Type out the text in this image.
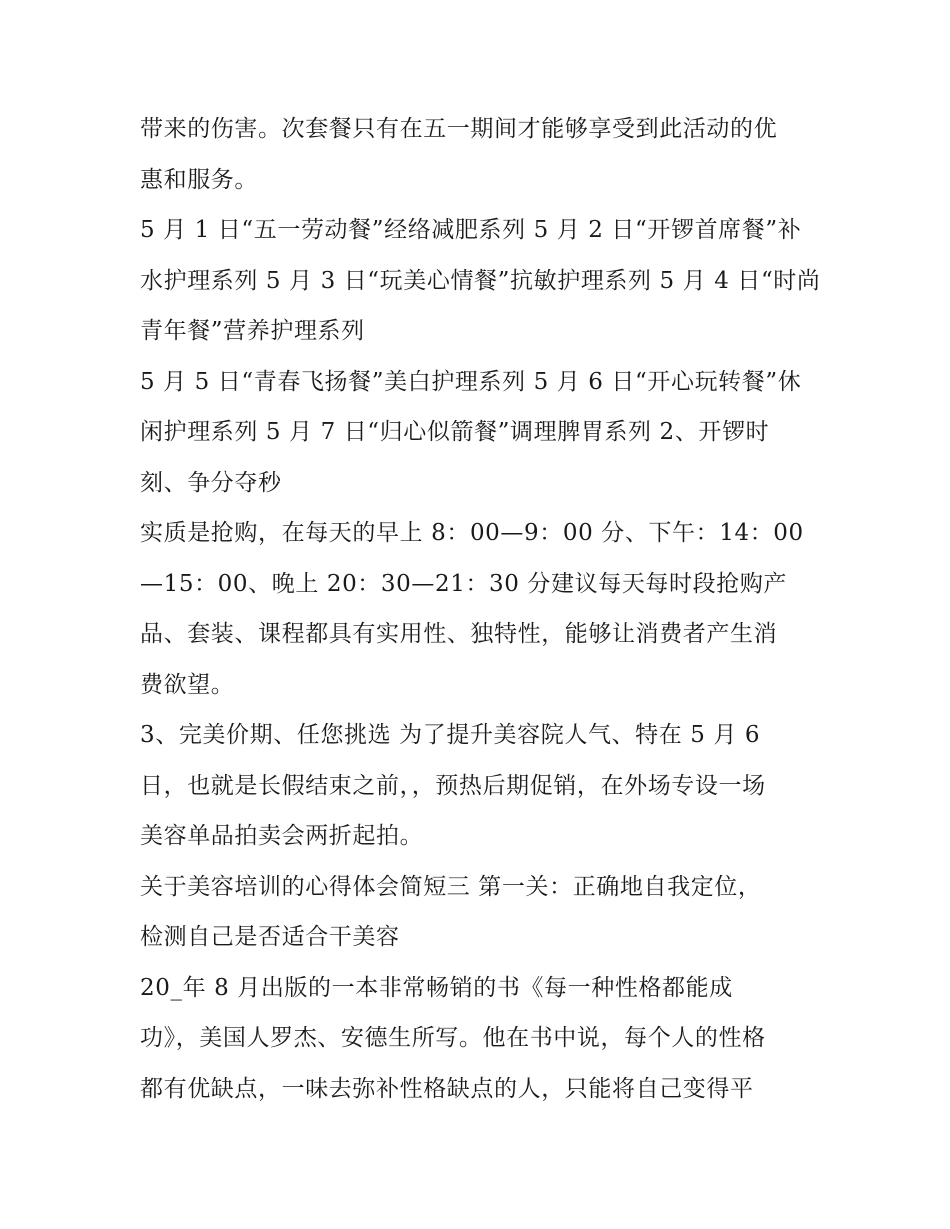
带来的伤害。次套餐只有在五一期间才能够享受到此活动的优
惠和服务。
5 月 1 日“五一劳动餐”经络减肥系列 5 月 2 日“开锣首席餐”补
水护理系列 5 月 3 日“玩美心情餐”抗敏护理系列 5 月 4 日“时尚
青年餐”营养护理系列
5 月 5 日“青春飞扬餐”美白护理系列 5 月 6 日“开心玩转餐”休
闲护理系列 5 月 7 日“归心似箭餐”调理脾胃系列 2、开锣时
刻、争分夺秒
实质是抢购，在每天的早上 8：00—9：00 分、下午：14：00
—15：00、晚上 20：30—21：30 分建议每天每时段抢购产
品、套装、课程都具有实用性、独特性，能够让消费者产生消
费欲望。
3、完美价期、任您挑选 为了提升美容院人气、特在 5 月 6
日，也就是长假结束之前，，预热后期促销，在外场专设一场
美容单品拍卖会两折起拍。
关于美容培训的心得体会简短三 第一关：正确地自我定位，
检测自己是否适合干美容
20_年 8 月出版的一本非常畅销的书《每一种性格都能成
功》，美国人罗杰、安德生所写。他在书中说，每个人的性格
都有优缺点，一味去弥补性格缺点的人，只能将自己变得平
